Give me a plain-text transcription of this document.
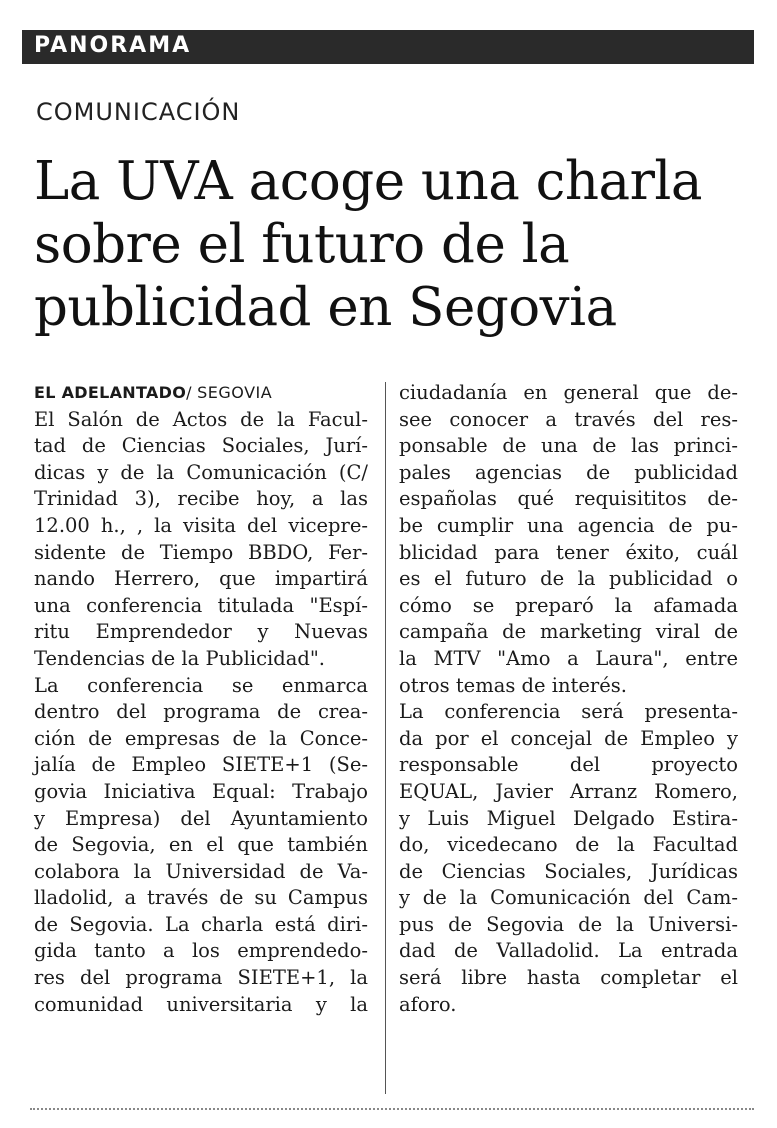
PANORAMA
COMUNICACIÓN
La UVA acoge una charla
sobre el futuro de la
publicidad en Segovia
EL ADELANTADO/ SEGOVIA
El Salón de Actos de la Facul-
tad de Ciencias Sociales, Jurí-
dicas y de la Comunicación (C/
Trinidad 3), recibe hoy, a las
12.00 h., , la visita del vicepre-
sidente de Tiempo BBDO, Fer-
nando Herrero, que impartirá
una conferencia titulada "Espí-
ritu Emprendedor y Nuevas
Tendencias de la Publicidad".
La conferencia se enmarca
dentro del programa de crea-
ción de empresas de la Conce-
jalía de Empleo SIETE+1 (Se-
govia Iniciativa Equal: Trabajo
y Empresa) del Ayuntamiento
de Segovia, en el que también
colabora la Universidad de Va-
lladolid, a través de su Campus
de Segovia. La charla está diri-
gida tanto a los emprendedo-
res del programa SIETE+1, la
comunidad universitaria y la
ciudadanía en general que de-
see conocer a través del res-
ponsable de una de las princi-
pales agencias de publicidad
españolas qué requisititos de-
be cumplir una agencia de pu-
blicidad para tener éxito, cuál
es el futuro de la publicidad o
cómo se preparó la afamada
campaña de marketing viral de
la MTV "Amo a Laura", entre
otros temas de interés.
La conferencia será presenta-
da por el concejal de Empleo y
responsable del proyecto
EQUAL, Javier Arranz Romero,
y Luis Miguel Delgado Estira-
do, vicedecano de la Facultad
de Ciencias Sociales, Jurídicas
y de la Comunicación del Cam-
pus de Segovia de la Universi-
dad de Valladolid. La entrada
será libre hasta completar el
aforo.
